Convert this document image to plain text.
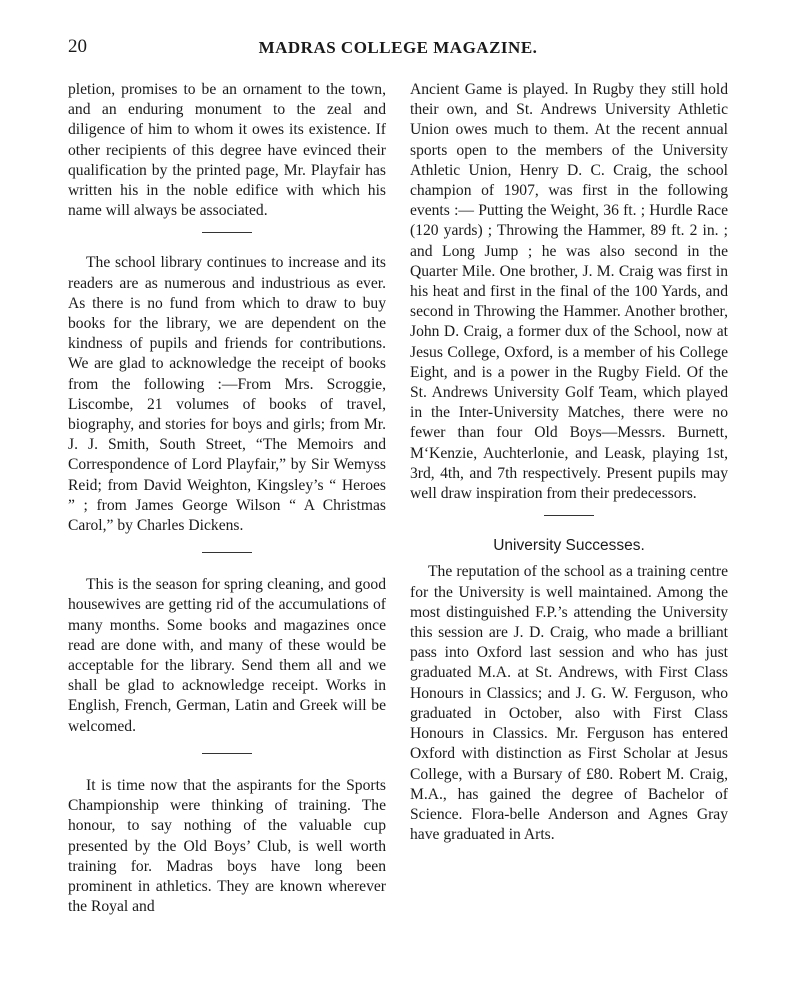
20	MADRAS COLLEGE MAGAZINE.

pletion, promises to be an ornament to the town, and an enduring monument to the zeal and diligence of him to whom it owes its existence. If other recipients of this degree have evinced their qualification by the printed page, Mr. Playfair has written his in the noble edifice with which his name will always be associated.

The school library continues to increase and its readers are as numerous and industrious as ever. As there is no fund from which to draw to buy books for the library, we are dependent on the kindness of pupils and friends for contributions. We are glad to acknowledge the receipt of books from the following :—From Mrs. Scroggie, Liscombe, 21 volumes of books of travel, biography, and stories for boys and girls; from Mr. J. J. Smith, South Street, “The Memoirs and Correspondence of Lord Playfair,” by Sir Wemyss Reid; from David Weighton, Kingsley’s “ Heroes ” ; from James George Wilson “ A Christmas Carol,” by Charles Dickens.

This is the season for spring cleaning, and good housewives are getting rid of the accumulations of many months. Some books and magazines once read are done with, and many of these would be acceptable for the library. Send them all and we shall be glad to acknowledge receipt. Works in English, French, German, Latin and Greek will be welcomed.

It is time now that the aspirants for the Sports Championship were thinking of training. The honour, to say nothing of the valuable cup presented by the Old Boys’ Club, is well worth training for. Madras boys have long been prominent in athletics. They are known wherever the Royal and

Ancient Game is played. In Rugby they still hold their own, and St. Andrews University Athletic Union owes much to them. At the recent annual sports open to the members of the University Athletic Union, Henry D. C. Craig, the school champion of 1907, was first in the following events :— Putting the Weight, 36 ft. ; Hurdle Race (120 yards) ; Throwing the Hammer, 89 ft. 2 in. ; and Long Jump ; he was also second in the Quarter Mile. One brother, J. M. Craig was first in his heat and first in the final of the 100 Yards, and second in Throwing the Hammer. Another brother, John D. Craig, a former dux of the School, now at Jesus College, Oxford, is a member of his College Eight, and is a power in the Rugby Field. Of the St. Andrews University Golf Team, which played in the Inter-University Matches, there were no fewer than four Old Boys—Messrs. Burnett, M‘Kenzie, Auchterlonie, and Leask, playing 1st, 3rd, 4th, and 7th respectively. Present pupils may well draw inspiration from their predecessors.

University Successes.

The reputation of the school as a training centre for the University is well maintained. Among the most distinguished F.P.’s attending the University this session are J. D. Craig, who made a brilliant pass into Oxford last session and who has just graduated M.A. at St. Andrews, with First Class Honours in Classics; and J. G. W. Ferguson, who graduated in October, also with First Class Honours in Classics. Mr. Ferguson has entered Oxford with distinction as First Scholar at Jesus College, with a Bursary of £80. Robert M. Craig, M.A., has gained the degree of Bachelor of Science. Flora-belle Anderson and Agnes Gray have graduated in Arts.
